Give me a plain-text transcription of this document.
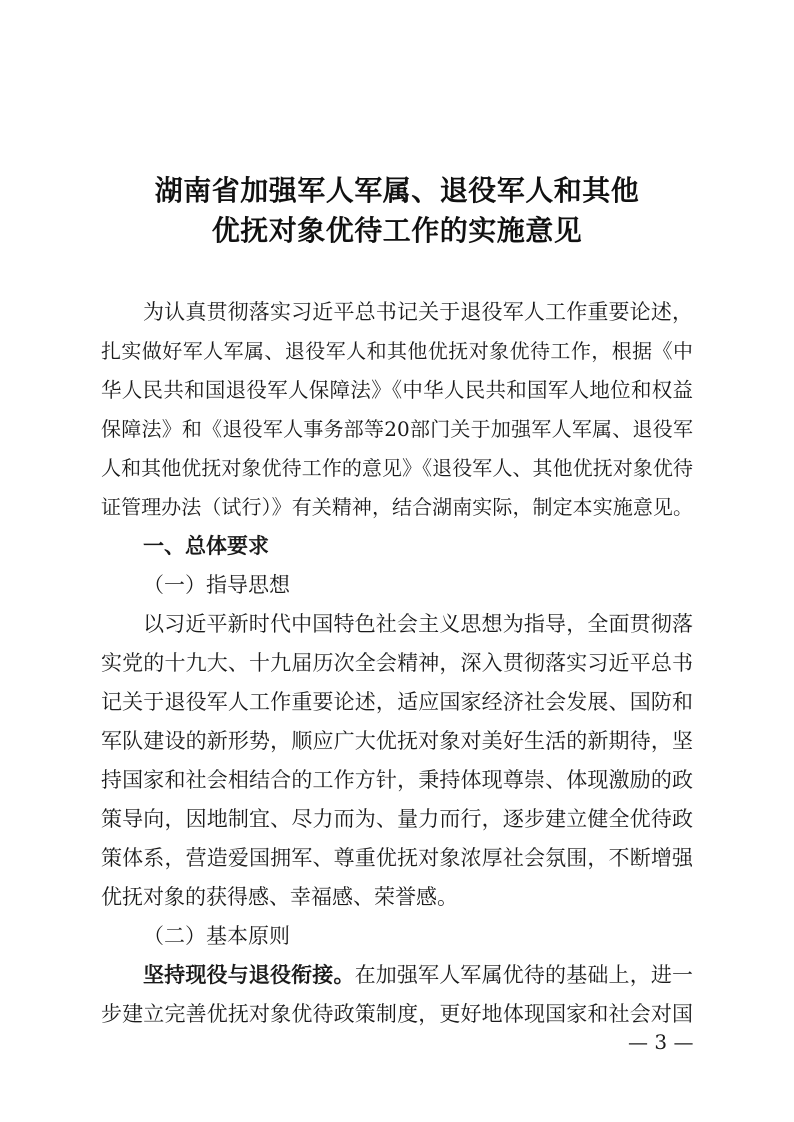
湖南省加强军人军属、退役军人和其他
优抚对象优待工作的实施意见
为认真贯彻落实习近平总书记关于退役军人工作重要论述，
扎实做好军人军属、退役军人和其他优抚对象优待工作，根据《中
华人民共和国退役军人保障法》《中华人民共和国军人地位和权益
保障法》和《退役军人事务部等20部门关于加强军人军属、退役军
人和其他优抚对象优待工作的意见》《退役军人、其他优抚对象优待
证管理办法（试行）》有关精神，结合湖南实际，制定本实施意见。
一、总体要求
（一）指导思想
以习近平新时代中国特色社会主义思想为指导，全面贯彻落
实党的十九大、十九届历次全会精神，深入贯彻落实习近平总书
记关于退役军人工作重要论述，适应国家经济社会发展、国防和
军队建设的新形势，顺应广大优抚对象对美好生活的新期待，坚
持国家和社会相结合的工作方针，秉持体现尊崇、体现激励的政
策导向，因地制宜、尽力而为、量力而行，逐步建立健全优待政
策体系，营造爱国拥军、尊重优抚对象浓厚社会氛围，不断增强
优抚对象的获得感、幸福感、荣誉感。
（二）基本原则
坚持现役与退役衔接。在加强军人军属优待的基础上，进一
步建立完善优抚对象优待政策制度，更好地体现国家和社会对国
— 3 —
